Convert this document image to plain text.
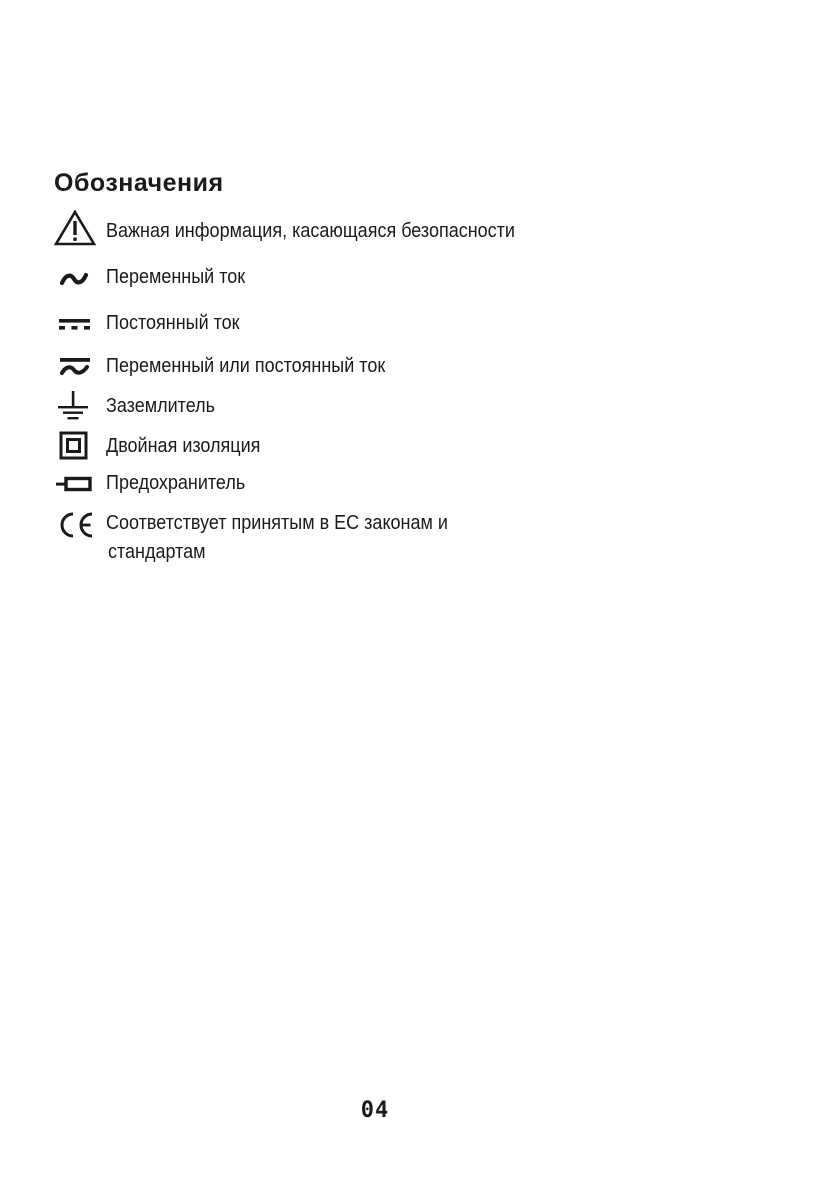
Обозначения
Важная информация, касающаяся безопасности
Переменный ток
Постоянный ток
Переменный или постоянный ток
Заземлитель
Двойная изоляция
Предохранитель
Соответствует принятым в ЕС законам и
стандартам
04
